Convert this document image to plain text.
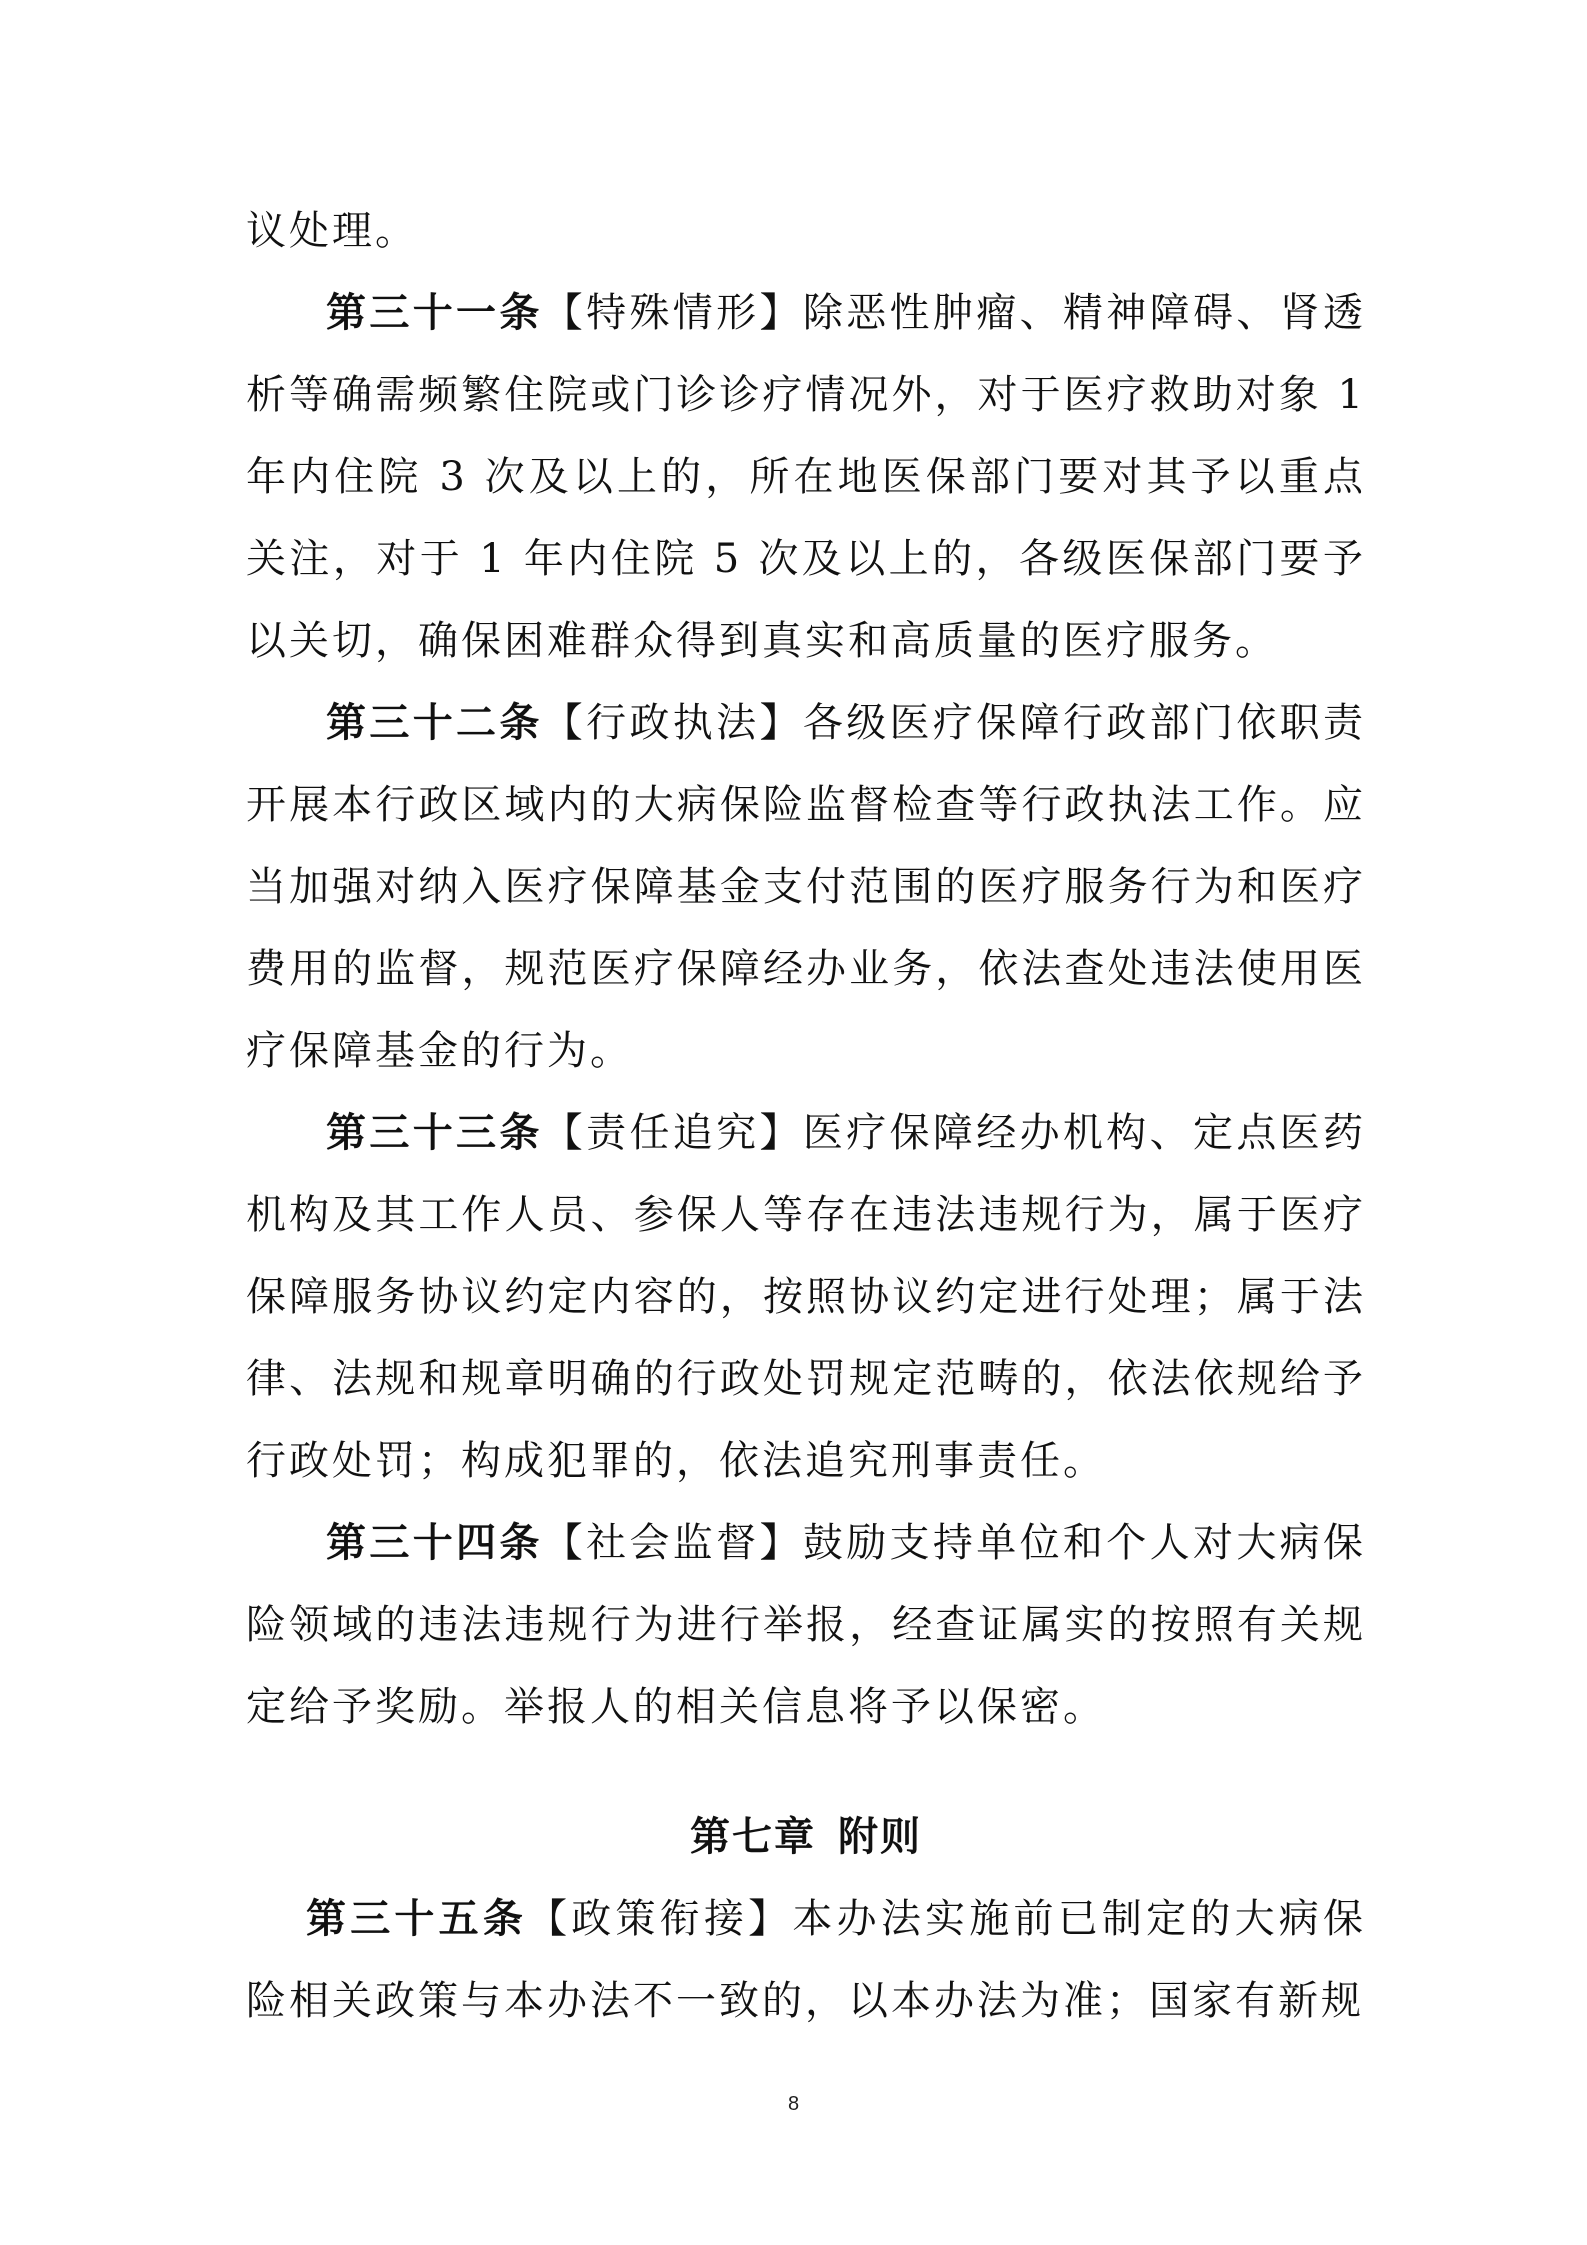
议处理。

第三十一条【特殊情形】除恶性肿瘤、精神障碍、肾透析等确需频繁住院或门诊诊疗情况外，对于医疗救助对象 1 年内住院 3 次及以上的，所在地医保部门要对其予以重点关注，对于 1 年内住院 5 次及以上的，各级医保部门要予以关切，确保困难群众得到真实和高质量的医疗服务。

第三十二条【行政执法】各级医疗保障行政部门依职责开展本行政区域内的大病保险监督检查等行政执法工作。应当加强对纳入医疗保障基金支付范围的医疗服务行为和医疗费用的监督，规范医疗保障经办业务，依法查处违法使用医疗保障基金的行为。

第三十三条【责任追究】医疗保障经办机构、定点医药机构及其工作人员、参保人等存在违法违规行为，属于医疗保障服务协议约定内容的，按照协议约定进行处理；属于法律、法规和规章明确的行政处罚规定范畴的，依法依规给予行政处罚；构成犯罪的，依法追究刑事责任。

第三十四条【社会监督】鼓励支持单位和个人对大病保险领域的违法违规行为进行举报，经查证属实的按照有关规定给予奖励。举报人的相关信息将予以保密。

第七章 附则

第三十五条【政策衔接】本办法实施前已制定的大病保险相关政策与本办法不一致的，以本办法为准；国家有新规

8
